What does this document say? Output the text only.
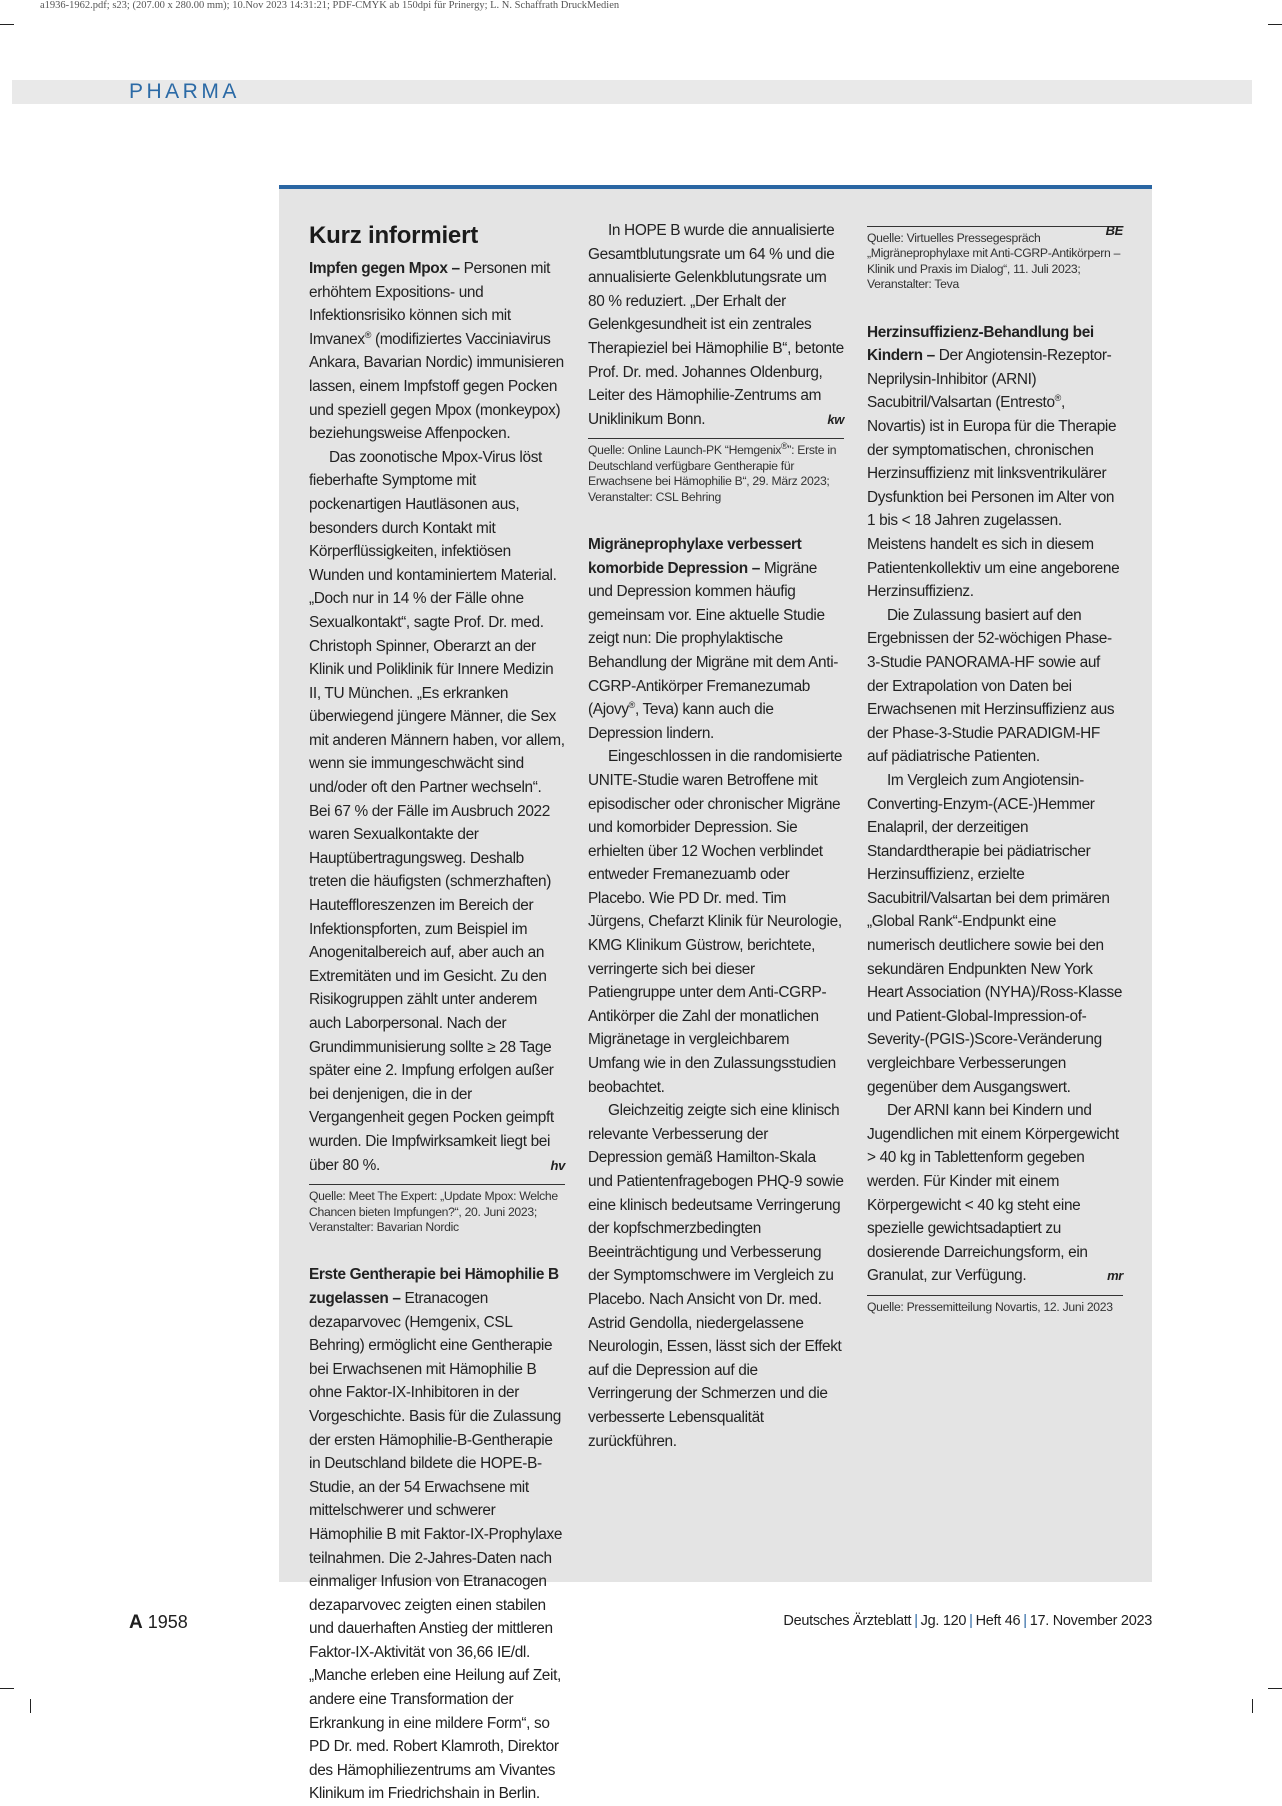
a1936-1962.pdf; s23; (207.00 x 280.00 mm); 10.Nov 2023 14:31:21; PDF-CMYK ab 150dpi für Prinergy; L. N. Schaffrath DruckMedien
PHARMA
Kurz informiert

Impfen gegen Mpox – Personen mit erhöhtem Expositions- und Infektionsrisiko können sich mit Imvanex® (modifiziertes Vacciniavirus Ankara, Bavarian Nordic) immunisieren lassen, einem Impfstoff gegen Pocken und speziell gegen Mpox (monkeypox) beziehungsweise Affenpocken.

Das zoonotische Mpox-Virus löst fieberhafte Symptome mit pockenartigen Hautläsonen aus, besonders durch Kontakt mit Körperflüssigkeiten, infektiösen Wunden und kontaminiertem Material. „Doch nur in 14 % der Fälle ohne Sexualkontakt“, sagte Prof. Dr. med. Christoph Spinner, Oberarzt an der Klinik und Poliklinik für Innere Medizin II, TU München. „Es erkranken überwiegend jüngere Männer, die Sex mit anderen Männern haben, vor allem, wenn sie immungeschwächt sind und/oder oft den Partner wechseln“. Bei 67 % der Fälle im Ausbruch 2022 waren Sexualkontakte der Hauptübertragungsweg. Deshalb treten die häufigsten (schmerzhaften) Hauteffloreszenzen im Bereich der Infektionspforten, zum Beispiel im Anogenitalbereich auf, aber auch an Extremitäten und im Gesicht. Zu den Risikogruppen zählt unter anderem auch Laborpersonal. Nach der Grundimmunisierung sollte ≥ 28 Tage später eine 2. Impfung erfolgen außer bei denjenigen, die in der Vergangenheit gegen Pocken geimpft wurden. Die Impfwirksamkeit liegt bei über 80 %.	hv

Quelle: Meet The Expert: „Update Mpox: Welche Chancen bieten Impfungen?“, 20. Juni 2023; Veranstalter: Bavarian Nordic

Erste Gentherapie bei Hämophilie B zugelassen – Etranacogen dezaparvovec (Hemgenix, CSL Behring) ermöglicht eine Gentherapie bei Erwachsenen mit Hämophilie B ohne Faktor-IX-Inhibitoren in der Vorgeschichte. Basis für die Zulassung der ersten Hämophilie-B-Gentherapie in Deutschland bildete die HOPE-B-Studie, an der 54 Erwachsene mit mittelschwerer und schwerer Hämophilie B mit Faktor-IX-Prophylaxe teilnahmen. Die 2-Jahres-Daten nach einmaliger Infusion von Etranacogen dezaparvovec zeigten einen stabilen und dauerhaften Anstieg der mittleren Faktor-IX-Aktivität von 36,66 IE/dl. „Manche erleben eine Heilung auf Zeit, andere eine Transformation der Erkrankung in eine mildere Form“, so PD Dr. med. Robert Klamroth, Direktor des Hämophiliezentrums am Vivantes Klinikum im Friedrichshain in Berlin.

In HOPE B wurde die annualisierte Gesamtblutungsrate um 64 % und die annualisierte Gelenkblutungsrate um 80 % reduziert. „Der Erhalt der Gelenkgesundheit ist ein zentrales Therapieziel bei Hämophilie B“, betonte Prof. Dr. med. Johannes Oldenburg, Leiter des Hämophilie-Zentrums am Uniklinikum Bonn.	kw

Quelle: Online Launch-PK “Hemgenix®”: Erste in Deutschland verfügbare Gentherapie für Erwachsene bei Hämophilie B“, 29. März 2023; Veranstalter: CSL Behring

Migräneprophylaxe verbessert komorbide Depression – Migräne und Depression kommen häufig gemeinsam vor. Eine aktuelle Studie zeigt nun: Die prophylaktische Behandlung der Migräne mit dem Anti-CGRP-Antikörper Fremanezumab (Ajovy®, Teva) kann auch die Depression lindern.

Eingeschlossen in die randomisierte UNITE-Studie waren Betroffene mit episodischer oder chronischer Migräne und komorbider Depression. Sie erhielten über 12 Wochen verblindet entweder Fremanezuamb oder Placebo. Wie PD Dr. med. Tim Jürgens, Chefarzt Klinik für Neurologie, KMG Klinikum Güstrow, berichtete, verringerte sich bei dieser Patiengruppe unter dem Anti-CGRP-Antikörper die Zahl der monatlichen Migränetage in vergleichbarem Umfang wie in den Zulassungsstudien beobachtet.

Gleichzeitig zeigte sich eine klinisch relevante Verbesserung der Depression gemäß Hamilton-Skala und Patientenfragebogen PHQ-9 sowie eine klinisch bedeutsame Verringerung der kopfschmerzbedingten Beeinträchtigung und Verbesserung der Symptomschwere im Vergleich zu Placebo. Nach Ansicht von Dr. med. Astrid Gendolla, niedergelassene Neurologin, Essen, lässt sich der Effekt auf die Depression auf die Verringerung der Schmerzen und die verbesserte Lebensqualität zurückführen.

BE

Quelle: Virtuelles Pressegespräch „Migräneprophylaxe mit Anti-CGRP-Antikörpern – Klinik und Praxis im Dialog“, 11. Juli 2023; Veranstalter: Teva

Herzinsuffizienz-Behandlung bei Kindern – Der Angiotensin-Rezeptor-Neprilysin-Inhibitor (ARNI) Sacubitril/Valsartan (Entresto®, Novartis) ist in Europa für die Therapie der symptomatischen, chronischen Herzinsuffizienz mit linksventrikulärer Dysfunktion bei Personen im Alter von 1 bis < 18 Jahren zugelassen. Meistens handelt es sich in diesem Patientenkollektiv um eine angeborene Herzinsuffizienz.

Die Zulassung basiert auf den Ergebnissen der 52-wöchigen Phase-3-Studie PANORAMA-HF sowie auf der Extrapolation von Daten bei Erwachsenen mit Herzinsuffizienz aus der Phase-3-Studie PARADIGM-HF auf pädiatrische Patienten.

Im Vergleich zum Angiotensin-Converting-Enzym-(ACE-)Hemmer Enalapril, der derzeitigen Standardtherapie bei pädiatrischer Herzinsuffizienz, erzielte Sacubitril/Valsartan bei dem primären „Global Rank“-Endpunkt eine numerisch deutlichere sowie bei den sekundären Endpunkten New York Heart Association (NYHA)/Ross-Klasse und Patient-Global-Impression-of-Severity-(PGIS-)Score-Veränderung vergleichbare Verbesserungen gegenüber dem Ausgangswert.

Der ARNI kann bei Kindern und Jugendlichen mit einem Körpergewicht > 40 kg in Tablettenform gegeben werden. Für Kinder mit einem Körpergewicht < 40 kg steht eine spezielle gewichtsadaptiert zu dosierende Darreichungsform, ein Granulat, zur Verfügung.	mr

Quelle: Pressemitteilung Novartis, 12. Juni 2023
A 1958	Deutsches Ärzteblatt | Jg. 120 | Heft 46 | 17. November 2023
